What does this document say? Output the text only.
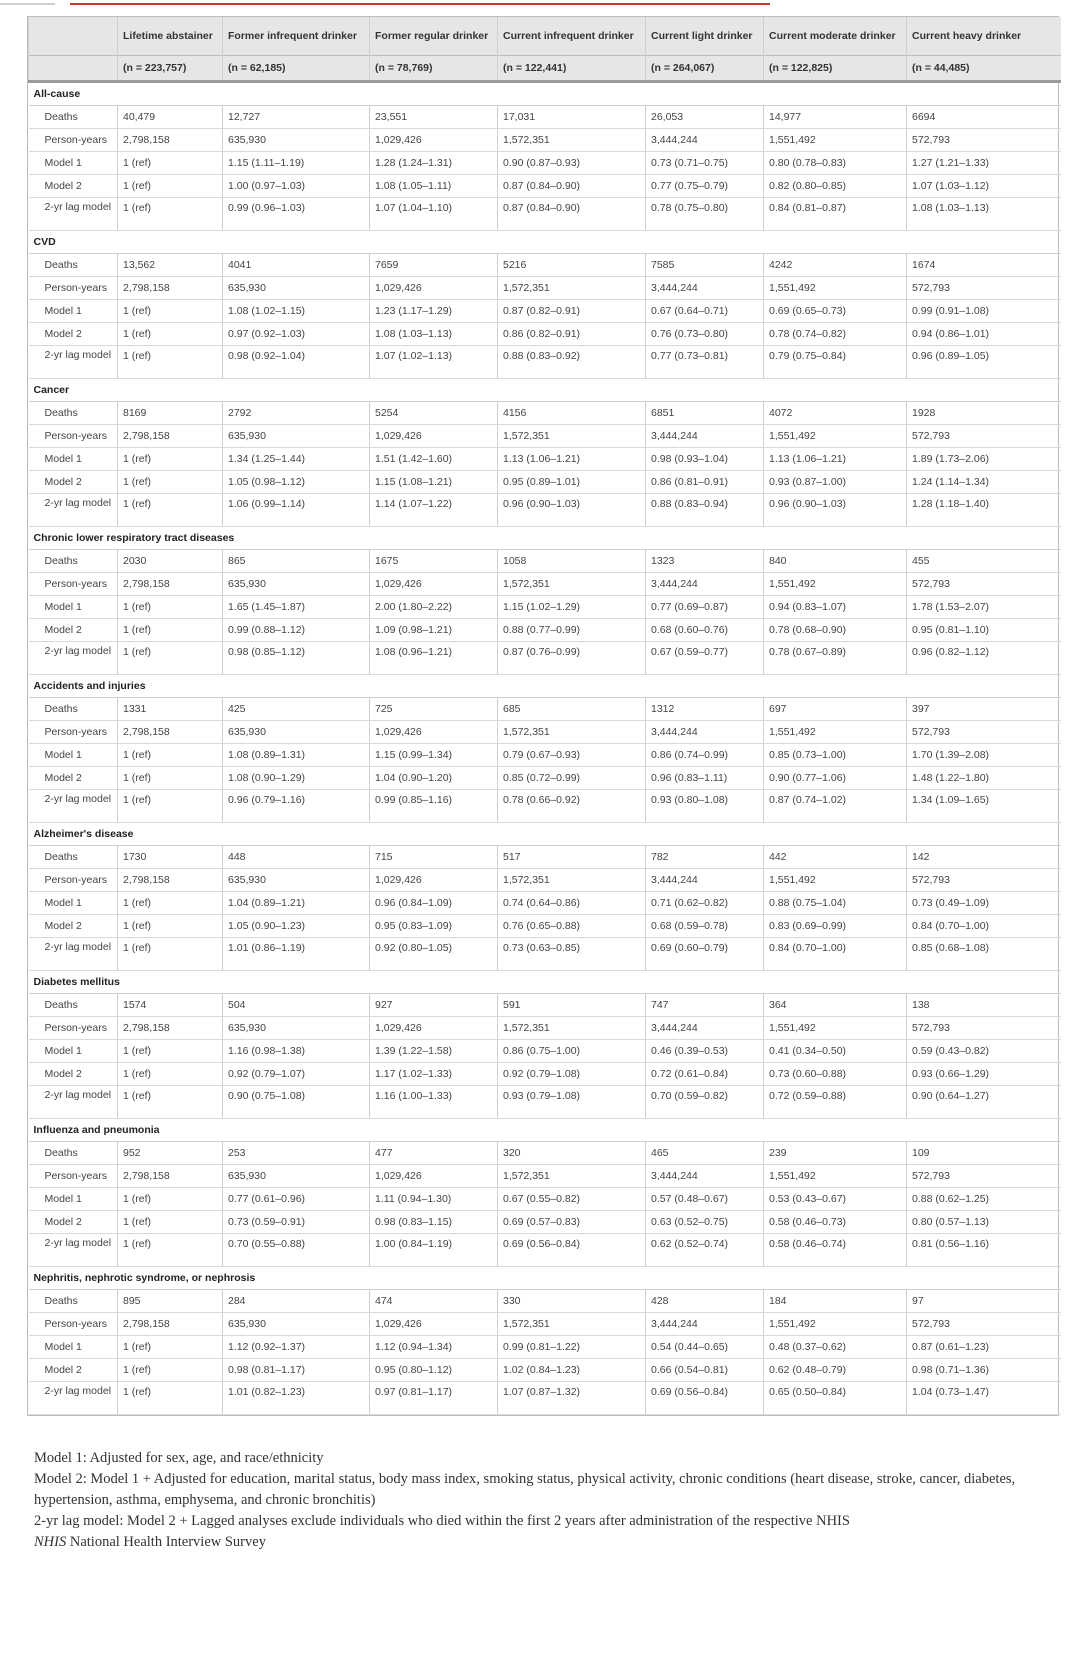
	Lifetime abstainer	Former infrequent drinker	Former regular drinker	Current infrequent drinker	Current light drinker	Current moderate drinker	Current heavy drinker
	(n = 223,757)	(n = 62,185)	(n = 78,769)	(n = 122,441)	(n = 264,067)	(n = 122,825)	(n = 44,485)
All-cause							
Deaths	40,479	12,727	23,551	17,031	26,053	14,977	6694
Person-years	2,798,158	635,930	1,029,426	1,572,351	3,444,244	1,551,492	572,793
Model 1	1 (ref)	1.15 (1.11–1.19)	1.28 (1.24–1.31)	0.90 (0.87–0.93)	0.73 (0.71–0.75)	0.80 (0.78–0.83)	1.27 (1.21–1.33)
Model 2	1 (ref)	1.00 (0.97–1.03)	1.08 (1.05–1.11)	0.87 (0.84–0.90)	0.77 (0.75–0.79)	0.82 (0.80–0.85)	1.07 (1.03–1.12)
2-yr lag model	1 (ref)	0.99 (0.96–1.03)	1.07 (1.04–1.10)	0.87 (0.84–0.90)	0.78 (0.75–0.80)	0.84 (0.81–0.87)	1.08 (1.03–1.13)
CVD							
Deaths	13,562	4041	7659	5216	7585	4242	1674
Person-years	2,798,158	635,930	1,029,426	1,572,351	3,444,244	1,551,492	572,793
Model 1	1 (ref)	1.08 (1.02–1.15)	1.23 (1.17–1.29)	0.87 (0.82–0.91)	0.67 (0.64–0.71)	0.69 (0.65–0.73)	0.99 (0.91–1.08)
Model 2	1 (ref)	0.97 (0.92–1.03)	1.08 (1.03–1.13)	0.86 (0.82–0.91)	0.76 (0.73–0.80)	0.78 (0.74–0.82)	0.94 (0.86–1.01)
2-yr lag model	1 (ref)	0.98 (0.92–1.04)	1.07 (1.02–1.13)	0.88 (0.83–0.92)	0.77 (0.73–0.81)	0.79 (0.75–0.84)	0.96 (0.89–1.05)
Cancer							
Deaths	8169	2792	5254	4156	6851	4072	1928
Person-years	2,798,158	635,930	1,029,426	1,572,351	3,444,244	1,551,492	572,793
Model 1	1 (ref)	1.34 (1.25–1.44)	1.51 (1.42–1.60)	1.13 (1.06–1.21)	0.98 (0.93–1.04)	1.13 (1.06–1.21)	1.89 (1.73–2.06)
Model 2	1 (ref)	1.05 (0.98–1.12)	1.15 (1.08–1.21)	0.95 (0.89–1.01)	0.86 (0.81–0.91)	0.93 (0.87–1.00)	1.24 (1.14–1.34)
2-yr lag model	1 (ref)	1.06 (0.99–1.14)	1.14 (1.07–1.22)	0.96 (0.90–1.03)	0.88 (0.83–0.94)	0.96 (0.90–1.03)	1.28 (1.18–1.40)
Chronic lower respiratory tract diseases							
Deaths	2030	865	1675	1058	1323	840	455
Person-years	2,798,158	635,930	1,029,426	1,572,351	3,444,244	1,551,492	572,793
Model 1	1 (ref)	1.65 (1.45–1.87)	2.00 (1.80–2.22)	1.15 (1.02–1.29)	0.77 (0.69–0.87)	0.94 (0.83–1.07)	1.78 (1.53–2.07)
Model 2	1 (ref)	0.99 (0.88–1.12)	1.09 (0.98–1.21)	0.88 (0.77–0.99)	0.68 (0.60–0.76)	0.78 (0.68–0.90)	0.95 (0.81–1.10)
2-yr lag model	1 (ref)	0.98 (0.85–1.12)	1.08 (0.96–1.21)	0.87 (0.76–0.99)	0.67 (0.59–0.77)	0.78 (0.67–0.89)	0.96 (0.82–1.12)
Accidents and injuries							
Deaths	1331	425	725	685	1312	697	397
Person-years	2,798,158	635,930	1,029,426	1,572,351	3,444,244	1,551,492	572,793
Model 1	1 (ref)	1.08 (0.89–1.31)	1.15 (0.99–1.34)	0.79 (0.67–0.93)	0.86 (0.74–0.99)	0.85 (0.73–1.00)	1.70 (1.39–2.08)
Model 2	1 (ref)	1.08 (0.90–1.29)	1.04 (0.90–1.20)	0.85 (0.72–0.99)	0.96 (0.83–1.11)	0.90 (0.77–1.06)	1.48 (1.22–1.80)
2-yr lag model	1 (ref)	0.96 (0.79–1.16)	0.99 (0.85–1.16)	0.78 (0.66–0.92)	0.93 (0.80–1.08)	0.87 (0.74–1.02)	1.34 (1.09–1.65)
Alzheimer's disease							
Deaths	1730	448	715	517	782	442	142
Person-years	2,798,158	635,930	1,029,426	1,572,351	3,444,244	1,551,492	572,793
Model 1	1 (ref)	1.04 (0.89–1.21)	0.96 (0.84–1.09)	0.74 (0.64–0.86)	0.71 (0.62–0.82)	0.88 (0.75–1.04)	0.73 (0.49–1.09)
Model 2	1 (ref)	1.05 (0.90–1.23)	0.95 (0.83–1.09)	0.76 (0.65–0.88)	0.68 (0.59–0.78)	0.83 (0.69–0.99)	0.84 (0.70–1.00)
2-yr lag model	1 (ref)	1.01 (0.86–1.19)	0.92 (0.80–1.05)	0.73 (0.63–0.85)	0.69 (0.60–0.79)	0.84 (0.70–1.00)	0.85 (0.68–1.08)
Diabetes mellitus							
Deaths	1574	504	927	591	747	364	138
Person-years	2,798,158	635,930	1,029,426	1,572,351	3,444,244	1,551,492	572,793
Model 1	1 (ref)	1.16 (0.98–1.38)	1.39 (1.22–1.58)	0.86 (0.75–1.00)	0.46 (0.39–0.53)	0.41 (0.34–0.50)	0.59 (0.43–0.82)
Model 2	1 (ref)	0.92 (0.79–1.07)	1.17 (1.02–1.33)	0.92 (0.79–1.08)	0.72 (0.61–0.84)	0.73 (0.60–0.88)	0.93 (0.66–1.29)
2-yr lag model	1 (ref)	0.90 (0.75–1.08)	1.16 (1.00–1.33)	0.93 (0.79–1.08)	0.70 (0.59–0.82)	0.72 (0.59–0.88)	0.90 (0.64–1.27)
Influenza and pneumonia							
Deaths	952	253	477	320	465	239	109
Person-years	2,798,158	635,930	1,029,426	1,572,351	3,444,244	1,551,492	572,793
Model 1	1 (ref)	0.77 (0.61–0.96)	1.11 (0.94–1.30)	0.67 (0.55–0.82)	0.57 (0.48–0.67)	0.53 (0.43–0.67)	0.88 (0.62–1.25)
Model 2	1 (ref)	0.73 (0.59–0.91)	0.98 (0.83–1.15)	0.69 (0.57–0.83)	0.63 (0.52–0.75)	0.58 (0.46–0.73)	0.80 (0.57–1.13)
2-yr lag model	1 (ref)	0.70 (0.55–0.88)	1.00 (0.84–1.19)	0.69 (0.56–0.84)	0.62 (0.52–0.74)	0.58 (0.46–0.74)	0.81 (0.56–1.16)
Nephritis, nephrotic syndrome, or nephrosis							
Deaths	895	284	474	330	428	184	97
Person-years	2,798,158	635,930	1,029,426	1,572,351	3,444,244	1,551,492	572,793
Model 1	1 (ref)	1.12 (0.92–1.37)	1.12 (0.94–1.34)	0.99 (0.81–1.22)	0.54 (0.44–0.65)	0.48 (0.37–0.62)	0.87 (0.61–1.23)
Model 2	1 (ref)	0.98 (0.81–1.17)	0.95 (0.80–1.12)	1.02 (0.84–1.23)	0.66 (0.54–0.81)	0.62 (0.48–0.79)	0.98 (0.71–1.36)
2-yr lag model	1 (ref)	1.01 (0.82–1.23)	0.97 (0.81–1.17)	1.07 (0.87–1.32)	0.69 (0.56–0.84)	0.65 (0.50–0.84)	1.04 (0.73–1.47)

Model 1: Adjusted for sex, age, and race/ethnicity

Model 2: Model 1 + Adjusted for education, marital status, body mass index, smoking status, physical activity, chronic conditions (heart disease, stroke, cancer, diabetes, hypertension, asthma, emphysema, and chronic bronchitis)

2-yr lag model: Model 2 + Lagged analyses exclude individuals who died within the first 2 years after administration of the respective NHIS

NHIS National Health Interview Survey
